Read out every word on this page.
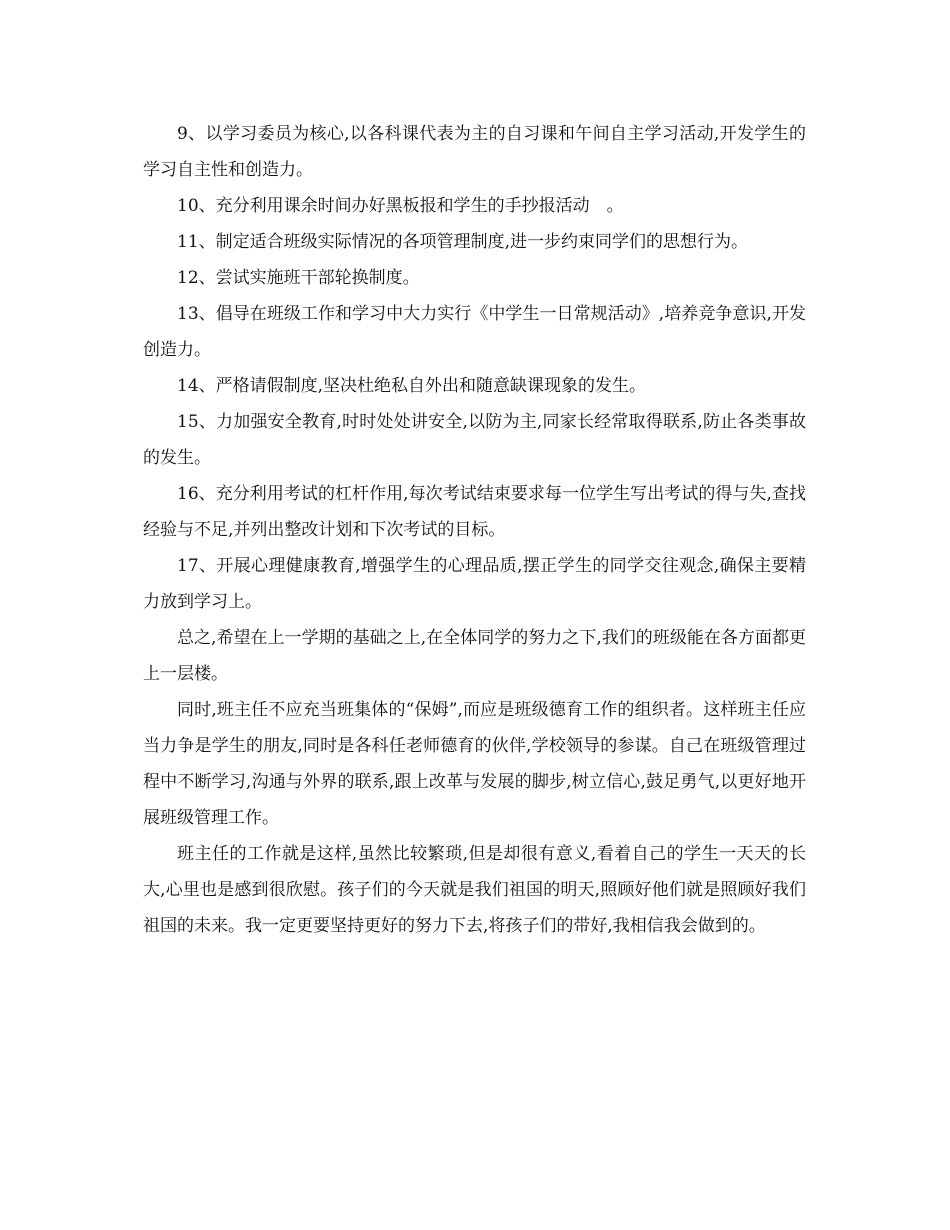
9、以学习委员为核心,以各科课代表为主的自习课和午间自主学习活动,开发学生的学习自主性和创造力。

10、充分利用课余时间办好黑板报和学生的手抄报活动　。

11、制定适合班级实际情况的各项管理制度,进一步约束同学们的思想行为。

12、尝试实施班干部轮换制度。

13、倡导在班级工作和学习中大力实行《中学生一日常规活动》,培养竞争意识,开发创造力。

14、严格请假制度,坚决杜绝私自外出和随意缺课现象的发生。

15、力加强安全教育,时时处处讲安全,以防为主,同家长经常取得联系,防止各类事故的发生。

16、充分利用考试的杠杆作用,每次考试结束要求每一位学生写出考试的得与失,查找经验与不足,并列出整改计划和下次考试的目标。

17、开展心理健康教育,增强学生的心理品质,摆正学生的同学交往观念,确保主要精力放到学习上。

总之,希望在上一学期的基础之上,在全体同学的努力之下,我们的班级能在各方面都更上一层楼。

同时,班主任不应充当班集体的“保姆”,而应是班级德育工作的组织者。这样班主任应当力争是学生的朋友,同时是各科任老师德育的伙伴,学校领导的参谋。自己在班级管理过程中不断学习,沟通与外界的联系,跟上改革与发展的脚步,树立信心,鼓足勇气,以更好地开展班级管理工作。

班主任的工作就是这样,虽然比较繁琐,但是却很有意义,看着自己的学生一天天的长大,心里也是感到很欣慰。孩子们的今天就是我们祖国的明天,照顾好他们就是照顾好我们祖国的未来。我一定更要坚持更好的努力下去,将孩子们的带好,我相信我会做到的。
